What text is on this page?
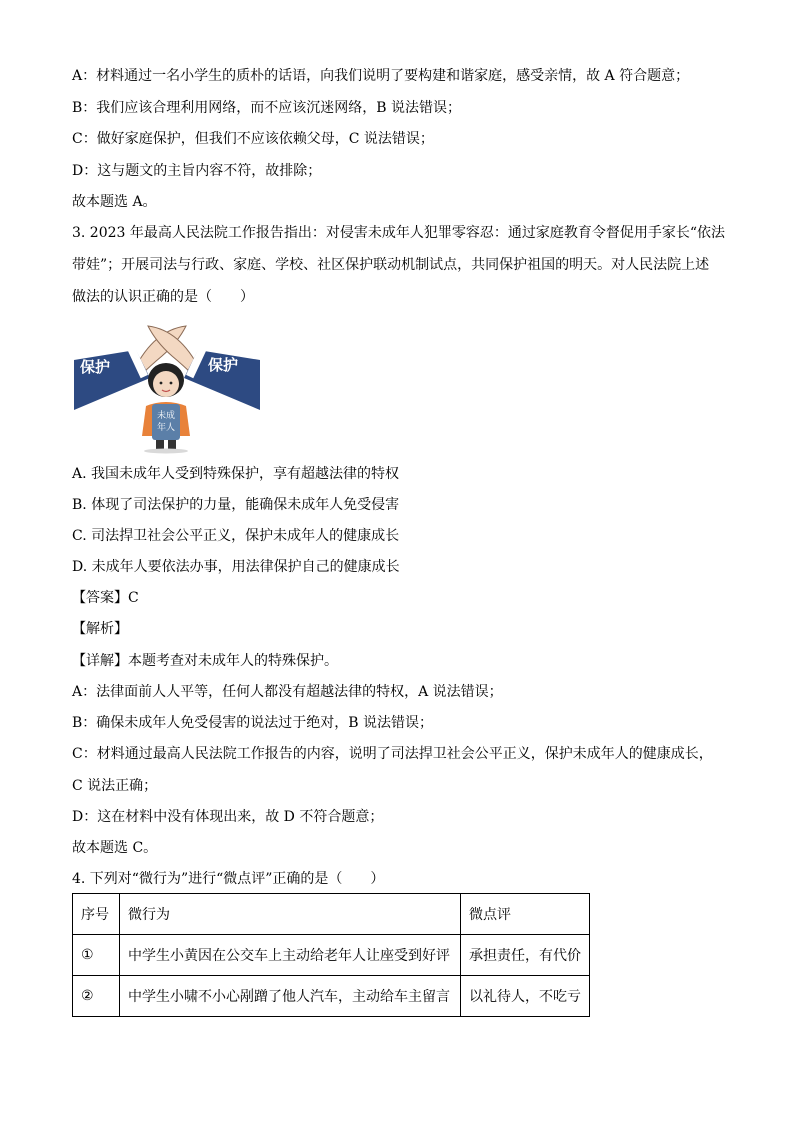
A：材料通过一名小学生的质朴的话语，向我们说明了要构建和谐家庭，感受亲情，故 A 符合题意；
B：我们应该合理利用网络，而不应该沉迷网络，B 说法错误；
C：做好家庭保护，但我们不应该依赖父母，C 说法错误；
D：这与题文的主旨内容不符，故排除；
故本题选 A。
3. 2023 年最高人民法院工作报告指出：对侵害未成年人犯罪零容忍：通过家庭教育令督促用手家长“依法
带娃”；开展司法与行政、家庭、学校、社区保护联动机制试点，共同保护祖国的明天。对人民法院上述
做法的认识正确的是（　　）
保护	保护
未成
年人
A. 我国未成年人受到特殊保护，享有超越法律的特权
B. 体现了司法保护的力量，能确保未成年人免受侵害
C. 司法捍卫社会公平正义，保护未成年人的健康成长
D. 未成年人要依法办事，用法律保护自己的健康成长
【答案】C
【解析】
【详解】本题考查对未成年人的特殊保护。
A：法律面前人人平等，任何人都没有超越法律的特权，A 说法错误；
B：确保未成年人免受侵害的说法过于绝对，B 说法错误；
C：材料通过最高人民法院工作报告的内容，说明了司法捍卫社会公平正义，保护未成年人的健康成长，
C 说法正确；
D：这在材料中没有体现出来，故 D 不符合题意；
故本题选 C。
4. 下列对“微行为”进行“微点评”正确的是（　　）
序号	微行为	微点评
①	中学生小黄因在公交车上主动给老年人让座受到好评	承担责任，有代价
②	中学生小啸不小心剐蹭了他人汽车，主动给车主留言	以礼待人，不吃亏
